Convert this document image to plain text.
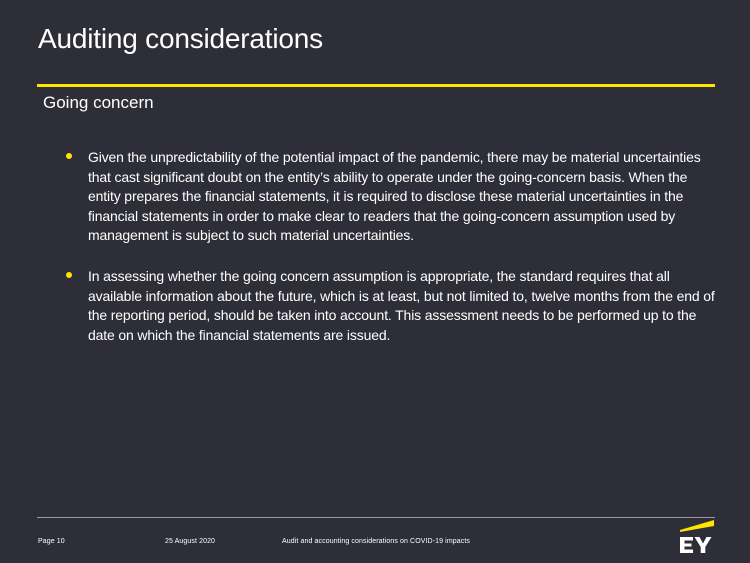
Auditing considerations
Going concern
Given the unpredictability of the potential impact of the pandemic, there may be material uncertainties that cast significant doubt on the entity’s ability to operate under the going-concern basis. When the entity prepares the financial statements, it is required to disclose these material uncertainties in the financial statements in order to make clear to readers that the going-concern assumption used by management is subject to such material uncertainties.
In assessing whether the going concern assumption is appropriate, the standard requires that all available information about the future, which is at least, but not limited to, twelve months from the end of the reporting period, should be taken into account. This assessment needs to be performed up to the date on which the financial statements are issued.
Page 10	25 August 2020	Audit and accounting considerations on COVID-19 impacts
